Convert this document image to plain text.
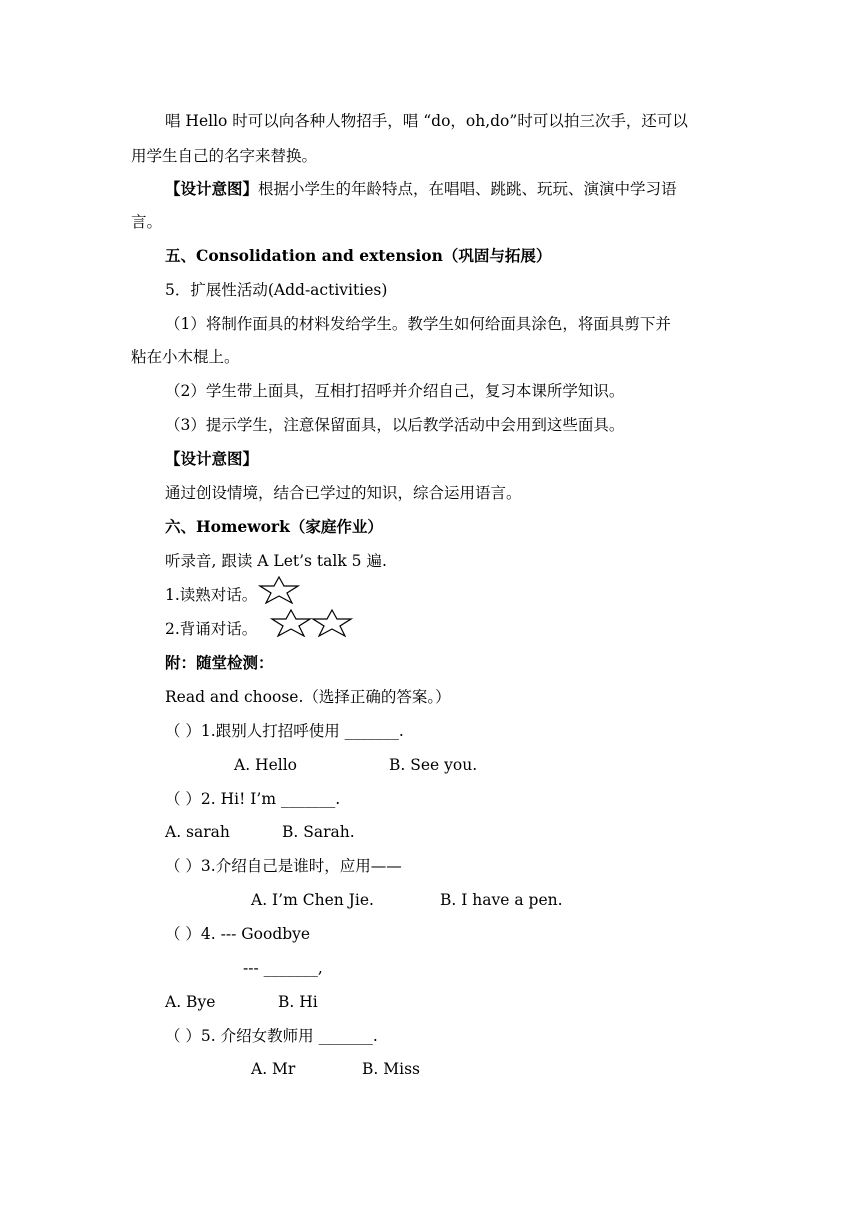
唱 Hello 时可以向各种人物招手，唱 “do，oh,do”时可以拍三次手，还可以
用学生自己的名字来替换。
【设计意图】根据小学生的年龄特点，在唱唱、跳跳、玩玩、演演中学习语
言。
五、Consolidation and extension（巩固与拓展）
5．扩展性活动(Add-activities)
（1）将制作面具的材料发给学生。教学生如何给面具涂色，将面具剪下并
粘在小木棍上。
（2）学生带上面具，互相打招呼并介绍自己，复习本课所学知识。
（3）提示学生，注意保留面具，以后教学活动中会用到这些面具。
【设计意图】
通过创设情境，结合已学过的知识，综合运用语言。
六、Homework（家庭作业）
听录音, 跟读 A Let’s talk 5 遍.
1.读熟对话。
2.背诵对话。
附：随堂检测：
Read and choose.（选择正确的答案。）
（ ）1.跟别人打招呼使用 _______.
A. Hello	B. See you.
（ ）2. Hi! I’m _______.
A. sarah	B. Sarah.
（ ）3.介绍自己是谁时，应用——
A. I’m Chen Jie.	B. I have a pen.
（ ）4. --- Goodbye
--- _______,
A. Bye	B. Hi
（ ）5. 介绍女教师用 _______.
A. Mr	B. Miss
